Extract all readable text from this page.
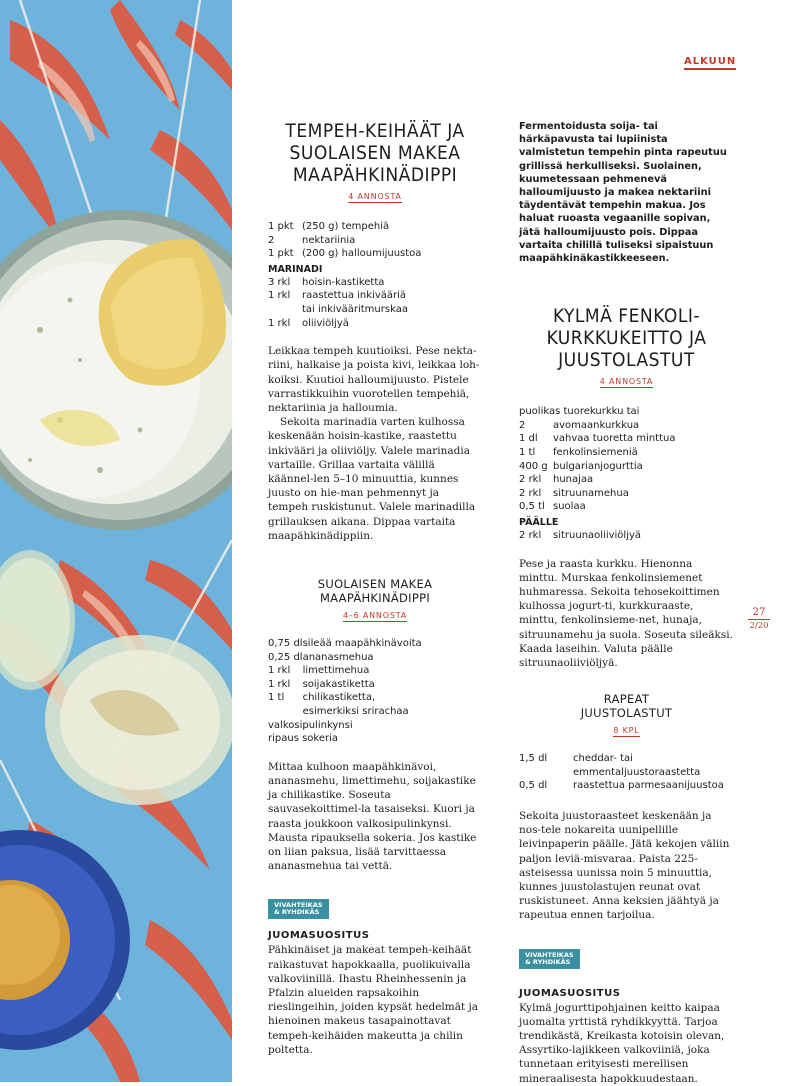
ALKUUN
TEMPEH-KEIHÄÄT JA
SUOLAISEN MAKEA
MAAPÄHKINÄDIPPI
4 ANNOSTA
1 pkt	(250 g) tempehiä
2	nektariinia
1 pkt	(200 g) halloumijuustoa
MARINADI
3 rkl	hoisin-kastiketta
1 rkl	raastettua inkivääriä
	tai inkivääritmurskaa
1 rkl	oliiviöljyä

Leikkaa tempeh kuutioiksi. Pese nekta-riini, halkaise ja poista kivi, leikkaa loh-koiksi. Kuutioi halloumijuusto. Pistele varrastikkuihin vuorotellen tempehiä, nektariinia ja halloumia.

Sekoita marinadia varten kulhossa keskenään hoisin-kastike, raastettu inkivääri ja oliiviöljy. Valele marinadia vartaille. Grillaa vartaita välillä käännel-len 5–10 minuuttia, kunnes juusto on hie-man pehmennyt ja tempeh ruskistunut. Valele marinadilla grillauksen aikana. Dippaa vartaita maapähkinädippiin.

SUOLAISEN MAKEA
MAAPÄHKINÄDIPPI
4–6 ANNOSTA
0,75 dl	sileää maapähkinävoita
0,25 dl	ananasmehua
1 rkl	limettimehua
1 rkl	soijakastiketta
1 tl	chilikastiketta,
	esimerkiksi srirachaa
valkosipulinkynsi
ripaus sokeria

Mittaa kulhoon maapähkinävoi, ananasmehu, limettimehu, soijakastike ja chilikastike. Soseuta sauvasekoittimel-la tasaiseksi. Kuori ja raasta joukkoon valkosipulinkynsi. Mausta ripauksella sokeria. Jos kastike on liian paksua, lisää tarvittaessa ananasmehua tai vettä.

VIVAHTEIKAS
& RYHDIKÄS
JUOMASUOSITUS

Pähkinäiset ja makeat tempeh-keihäät raikastuvat hapokkaalla, puolikuivalla valkoviinillä. Ihastu Rheinhessenin ja Pfalzin alueiden rapsakoihin rieslingeihin, joiden kypsät hedelmät ja hienoinen makeus tasapainottavat tempeh-keihäiden makeutta ja chilin poltetta.

Fermentoidusta soija- tai härkäpavusta tai lupiinista valmistetun tempehin pinta rapeutuu grillissä herkulliseksi. Suolainen, kuumetessaan pehmenevä halloumijuusto ja makea nektariini täydentävät tempehin makua. Jos haluat ruoasta vegaanille sopivan, jätä halloumijuusto pois. Dippaa vartaita chilillä tuliseksi sipaistuun maapähkinäkastikkeeseen.
KYLMÄ FENKOLI-
KURKKUKEITTO JA
JUUSTOLASTUT
4 ANNOSTA
puolikas tuorekurkku tai
2	avomaankurkkua
1 dl	vahvaa tuoretta minttua
1 tl	fenkolinsiemeniä
400 g	bulgarianjogurttia
2 rkl	hunajaa
2 rkl	sitruunamehua
0,5 tl	suolaa
PÄÄLLE
2 rkl	sitruunaoliiviöljyä

Pese ja raasta kurkku. Hienonna minttu. Murskaa fenkolinsiemenet huhmaressa. Sekoita tehosekoittimen kulhossa jogurt-ti, kurkkuraaste, minttu, fenkolinsieme-net, hunaja, sitruunamehu ja suola. Soseuta sileäksi. Kaada laseihin. Valuta päälle sitruunaoliiviöljyä.

RAPEAT
JUUSTOLASTUT
8 KPL
1,5 dl	cheddar- tai
	emmentaljuustoraastetta
0,5 dl	raastettua parmesaanijuustoa

Sekoita juustoraasteet keskenään ja nos-tele nokareita uunipellille leivinpaperin päälle. Jätä kekojen väliin paljon leviä-misvaraa. Paista 225-asteisessa uunissa noin 5 minuuttia, kunnes juustolastujen reunat ovat ruskistuneet. Anna keksien jäähtyä ja rapeutua ennen tarjoilua.

VIVAHTEIKAS
& RYHDIKÄS
JUOMASUOSITUS

Kylmä jogurttipohjainen keitto kaipaa juomalta yrttistä ryhdikkyyttä. Tarjoa trendikästä, Kreikasta kotoisin olevan, Assyrtiko-lajikkeen valkoviiniä, joka tunnetaan erityisesti merellisen mineraalisesta hapokkuudestaan.

27
2/20
